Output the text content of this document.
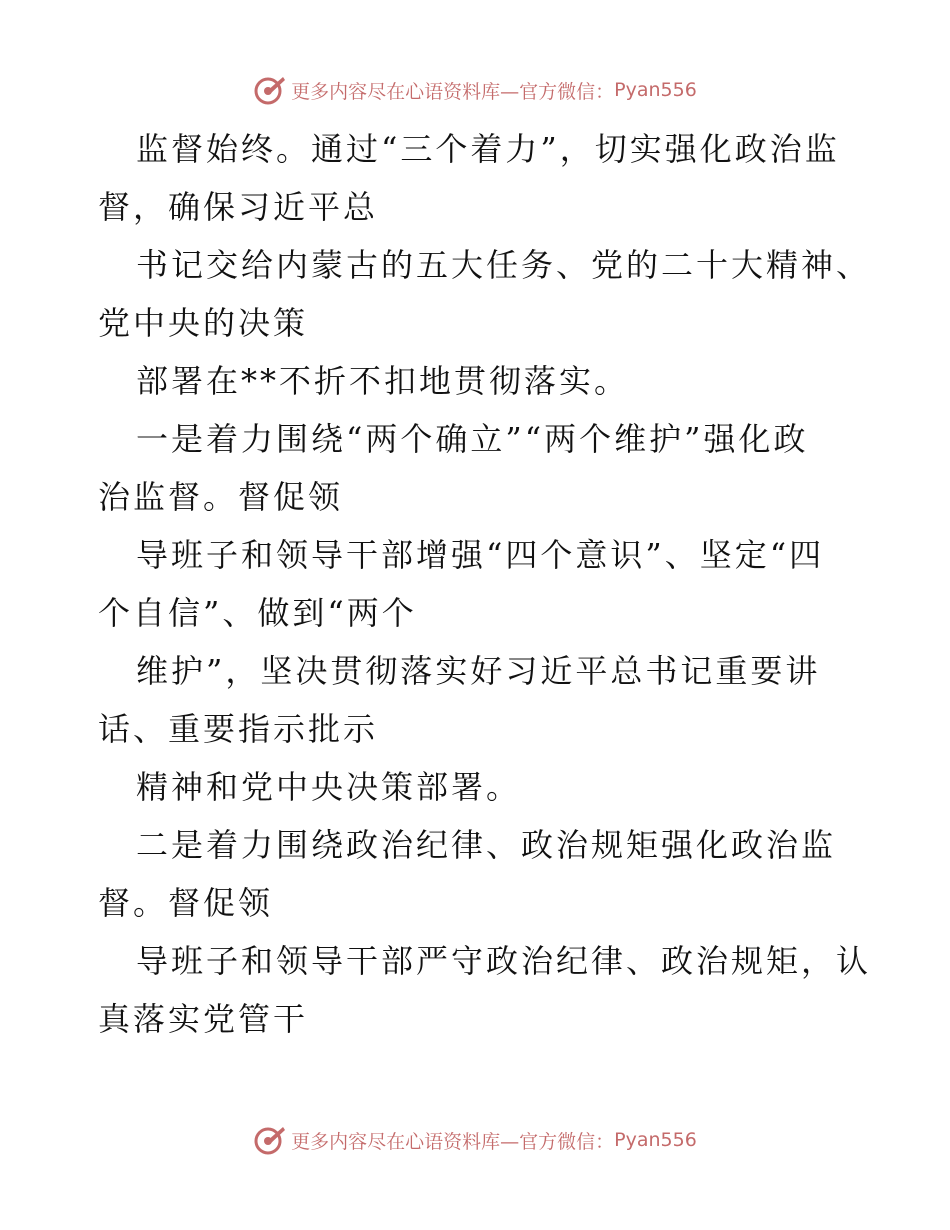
更多内容尽在心语资料库—官方微信： Pyan556
监督始终。通过“三个着力”，切实强化政治监
督，确保习近平总
书记交给内蒙古的五大任务、党的二十大精神、
党中央的决策
部署在**不折不扣地贯彻落实。
一是着力围绕“两个确立”“两个维护”强化政
治监督。督促领
导班子和领导干部增强“四个意识”、坚定“四
个自信”、做到“两个
维护”，坚决贯彻落实好习近平总书记重要讲
话、重要指示批示
精神和党中央决策部署。
二是着力围绕政治纪律、政治规矩强化政治监
督。督促领
导班子和领导干部严守政治纪律、政治规矩，认
真落实党管干
更多内容尽在心语资料库—官方微信： Pyan556
